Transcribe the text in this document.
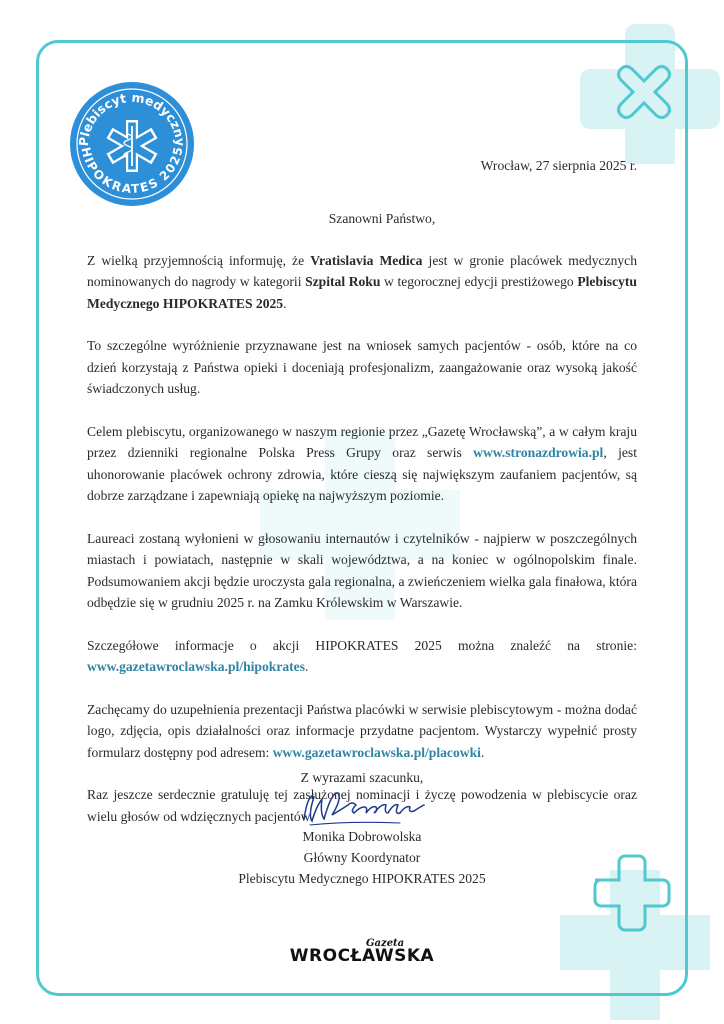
Plebiscyt medyczny
HIPOKRATES 2025
Wrocław, 27 sierpnia 2025 r.

Szanowni Państwo,

Z wielką przyjemnością informuję, że Vratislavia Medica jest w gronie placówek medycznych nominowanych do nagrody w kategorii Szpital Roku w tegorocznej edycji prestiżowego Plebiscytu Medycznego HIPOKRATES 2025.

To szczególne wyróżnienie przyznawane jest na wniosek samych pacjentów - osób, które na co dzień korzystają z Państwa opieki i doceniają profesjonalizm, zaangażowanie oraz wysoką jakość świadczonych usług.

Celem plebiscytu, organizowanego w naszym regionie przez „Gazetę Wrocławską”, a w całym kraju przez dzienniki regionalne Polska Press Grupy oraz serwis www.stronazdrowia.pl, jest uhonorowanie placówek ochrony zdrowia, które cieszą się największym zaufaniem pacjentów, są dobrze zarządzane i zapewniają opiekę na najwyższym poziomie.

Laureaci zostaną wyłonieni w głosowaniu internautów i czytelników - najpierw w poszczególnych miastach i powiatach, następnie w skali województwa, a na koniec w ogólnopolskim finale. Podsumowaniem akcji będzie uroczysta gala regionalna, a zwieńczeniem wielka gala finałowa, która odbędzie się w grudniu 2025 r. na Zamku Królewskim w Warszawie.

Szczegółowe informacje o akcji HIPOKRATES 2025 można znaleźć na stronie: www.gazetawroclawska.pl/hipokrates.

Zachęcamy do uzupełnienia prezentacji Państwa placówki w serwisie plebiscytowym - można dodać logo, zdjęcia, opis działalności oraz informacje przydatne pacjentom. Wystarczy wypełnić prosty formularz dostępny pod adresem: www.gazetawroclawska.pl/placowki.

Raz jeszcze serdecznie gratuluję tej zasłużonej nominacji i życzę powodzenia w plebiscycie oraz wielu głosów od wdzięcznych pacjentów.

Z wyrazami szacunku,
Monika Dobrowolska
Główny Koordynator
Plebiscytu Medycznego HIPOKRATES 2025
Gazeta
WROCŁAWSKA
